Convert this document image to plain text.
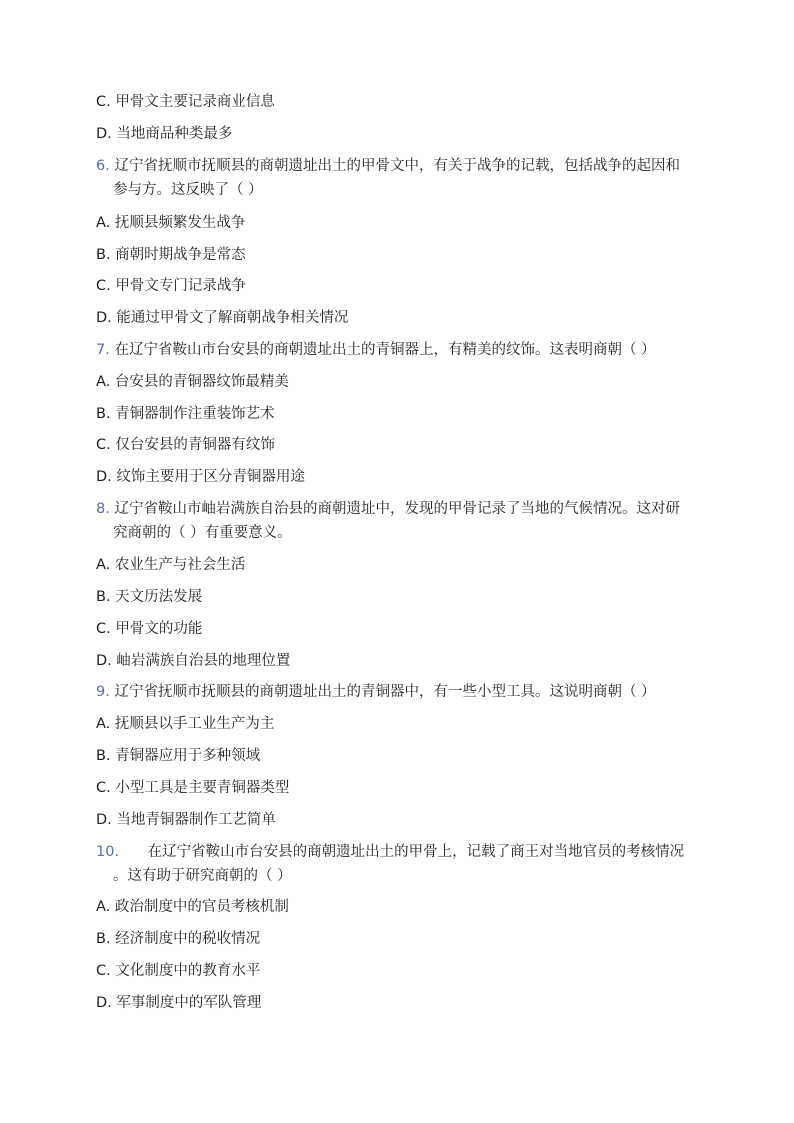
C. 甲骨文主要记录商业信息
D. 当地商品种类最多
6. 辽宁省抚顺市抚顺县的商朝遗址出土的甲骨文中，有关于战争的记载，包括战争的起因和
参与方。这反映了（ ）
A. 抚顺县频繁发生战争
B. 商朝时期战争是常态
C. 甲骨文专门记录战争
D. 能通过甲骨文了解商朝战争相关情况
7. 在辽宁省鞍山市台安县的商朝遗址出土的青铜器上，有精美的纹饰。这表明商朝（ ）
A. 台安县的青铜器纹饰最精美
B. 青铜器制作注重装饰艺术
C. 仅台安县的青铜器有纹饰
D. 纹饰主要用于区分青铜器用途
8. 辽宁省鞍山市岫岩满族自治县的商朝遗址中，发现的甲骨记录了当地的气候情况。这对研
究商朝的（ ）有重要意义。
A. 农业生产与社会生活
B. 天文历法发展
C. 甲骨文的功能
D. 岫岩满族自治县的地理位置
9. 辽宁省抚顺市抚顺县的商朝遗址出土的青铜器中，有一些小型工具。这说明商朝（ ）
A. 抚顺县以手工业生产为主
B. 青铜器应用于多种领域
C. 小型工具是主要青铜器类型
D. 当地青铜器制作工艺简单
10. 在辽宁省鞍山市台安县的商朝遗址出土的甲骨上，记载了商王对当地官员的考核情况
。这有助于研究商朝的（ ）
A. 政治制度中的官员考核机制
B. 经济制度中的税收情况
C. 文化制度中的教育水平
D. 军事制度中的军队管理
